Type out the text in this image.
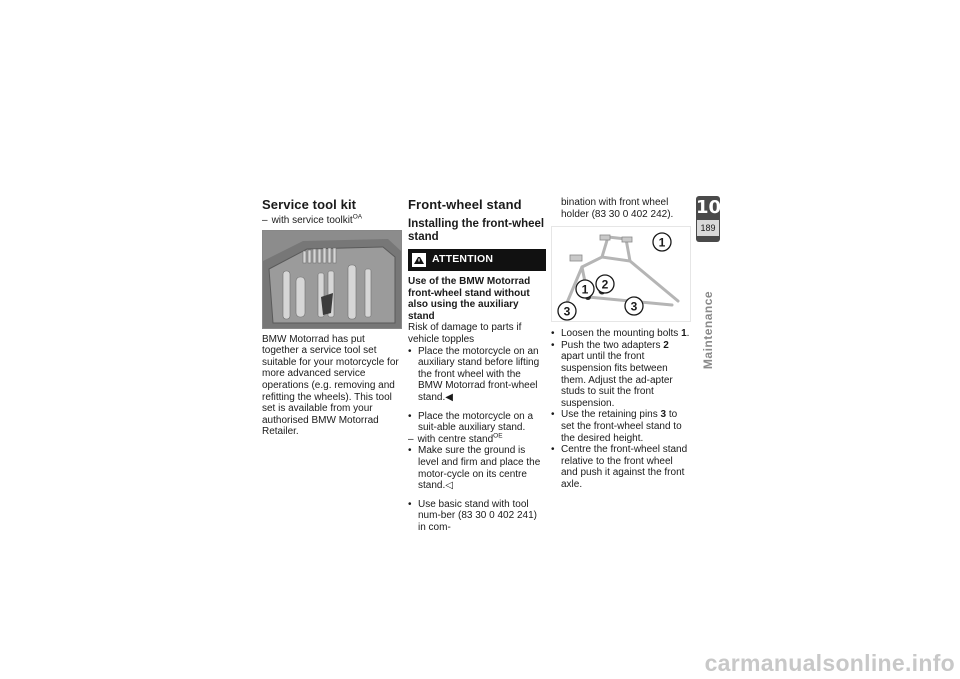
Service tool kit
– with service toolkit$^{OA}$

BMW Motorrad has put together a service tool set suitable for your motorcycle for more advanced service operations (e.g. removing and refitting the wheels). This tool set is available from your authorised BMW Motorrad Retailer.

Front-wheel stand
Installing the front-wheel stand
ATTENTION

Use of the BMW Motorrad front-wheel stand without also using the auxiliary stand

Risk of damage to parts if vehicle topples

• Place the motorcycle on an auxiliary stand before lifting the front wheel with the BMW Motorrad front-wheel stand.◀
• Place the motorcycle on a suit-able auxiliary stand.
– with centre stand$^{OE}$
• Make sure the ground is level and firm and place the motor-cycle on its centre stand.◁
• Use basic stand with tool num-ber (83 30 0 402 241) in com-

bination with front wheel holder (83 30 0 402 242).

1
1 2
3	3
• Loosen the mounting bolts 1.
• Push the two adapters 2 apart until the front suspension fits between them. Adjust the ad-apter studs to suit the front suspension.
• Use the retaining pins 3 to set the front-wheel stand to the desired height.
• Centre the front-wheel stand relative to the front wheel and push it against the front axle.
10
189
Maintenance
carmanualsonline.info
